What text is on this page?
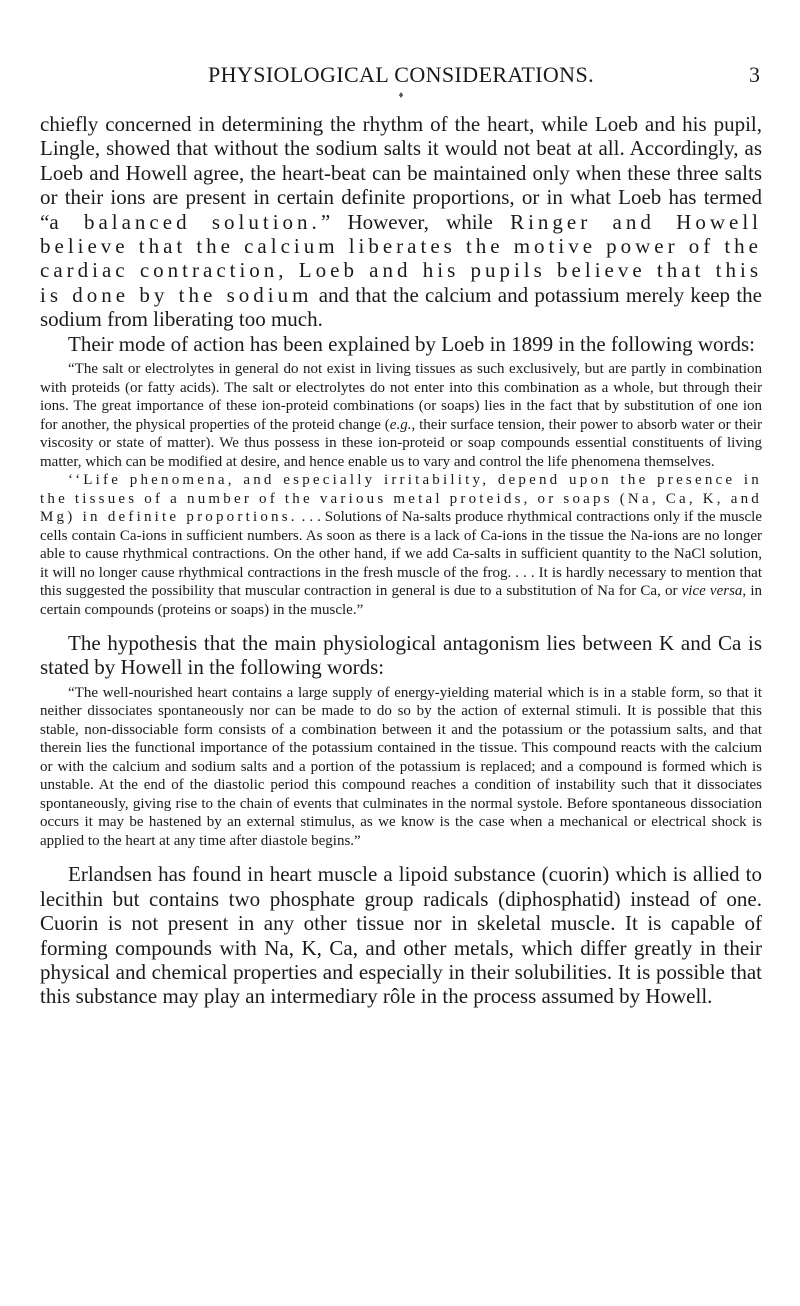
PHYSIOLOGICAL CONSIDERATIONS.	3
♦

chiefly concerned in determining the rhythm of the heart, while Loeb and his pupil, Lingle, showed that without the sodium salts it would not beat at all. Accordingly, as Loeb and Howell agree, the heart-beat can be maintained only when these three salts or their ions are present in certain definite proportions, or in what Loeb has termed “a balanced solution.” However, while Ringer and Howell believe that the calcium liberates the motive power of the cardiac contraction, Loeb and his pupils believe that this is done by the sodium and that the calcium and potassium merely keep the sodium from liberating too much.

Their mode of action has been explained by Loeb in 1899 in the following words:

“The salt or electrolytes in general do not exist in living tissues as such exclusively, but are partly in combination with proteids (or fatty acids). The salt or electrolytes do not enter into this combination as a whole, but through their ions. The great importance of these ion-proteid combinations (or soaps) lies in the fact that by substitution of one ion for another, the physical properties of the proteid change (e.g., their surface tension, their power to absorb water or their viscosity or state of matter). We thus possess in these ion-proteid or soap compounds essential constituents of living matter, which can be modified at desire, and hence enable us to vary and control the life phenomena themselves.

‘‘Life phenomena, and especially irritability, depend upon the presence in the tissues of a number of the various metal proteids, or soaps (Na, Ca, K, and Mg) in definite proportions. . . . Solutions of Na-salts produce rhythmical contractions only if the muscle cells contain Ca-ions in sufficient numbers. As soon as there is a lack of Ca-ions in the tissue the Na-ions are no longer able to cause rhythmical contractions. On the other hand, if we add Ca-salts in sufficient quantity to the NaCl solution, it will no longer cause rhythmical contractions in the fresh muscle of the frog. . . . It is hardly necessary to mention that this suggested the possibility that muscular contraction in general is due to a substitution of Na for Ca, or vice versa, in certain compounds (proteins or soaps) in the muscle.”

The hypothesis that the main physiological antagonism lies between K and Ca is stated by Howell in the following words:

“The well-nourished heart contains a large supply of energy-yielding material which is in a stable form, so that it neither dissociates spontaneously nor can be made to do so by the action of external stimuli. It is possible that this stable, non-dissociable form consists of a combination between it and the potassium or the potassium salts, and that therein lies the functional importance of the potassium contained in the tissue. This compound reacts with the calcium or with the calcium and sodium salts and a portion of the potassium is replaced; and a compound is formed which is unstable. At the end of the diastolic period this compound reaches a condition of instability such that it dissociates spontaneously, giving rise to the chain of events that culminates in the normal systole. Before spontaneous dissociation occurs it may be hastened by an external stimulus, as we know is the case when a mechanical or electrical shock is applied to the heart at any time after diastole begins.”

Erlandsen has found in heart muscle a lipoid substance (cuorin) which is allied to lecithin but contains two phosphate group radicals (diphosphatid) instead of one. Cuorin is not present in any other tissue nor in skeletal muscle. It is capable of forming compounds with Na, K, Ca, and other metals, which differ greatly in their physical and chemical properties and especially in their solubilities. It is possible that this substance may play an intermediary rôle in the process assumed by Howell.
